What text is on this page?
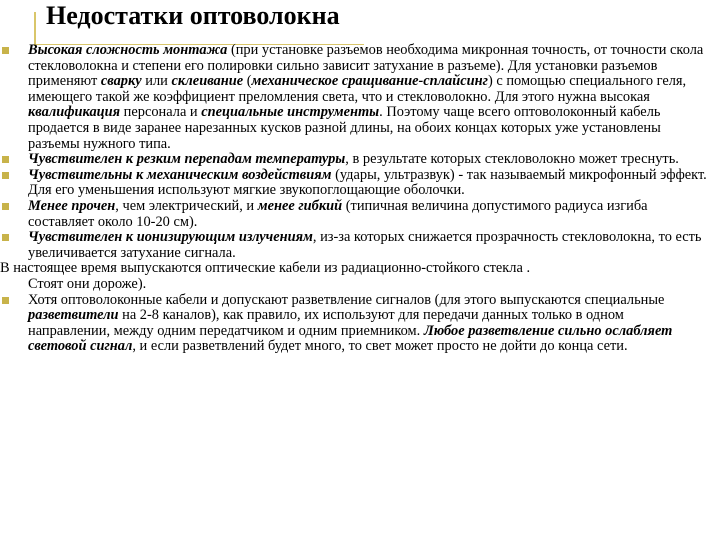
Недостатки оптоволокна
Высокая сложность монтажа (при установке разъемов необходима микронная точность, от точности скола стекловолокна и степени его полировки сильно зависит затухание в разъеме). Для установки разъемов применяют сварку или склеивание (механическое сращивание-сплайсинг) с помощью специального геля, имеющего такой же коэффициент преломления света, что и стекловолокно. Для этого нужна высокая квалификация персонала и специальные инструменты. Поэтому чаще всего оптоволоконный кабель продается в виде заранее нарезанных кусков разной длины, на обоих концах которых уже установлены разъемы нужного типа.
Чувствителен к резким перепадам температуры, в результате которых стекловолокно может треснуть.
Чувствительны к механическим воздействиям (удары, ультразвук) - так называемый микрофонный эффект. Для его уменьшения используют мягкие звукопоглощающие оболочки.
Менее прочен, чем электрический, и менее гибкий (типичная величина допустимого радиуса изгиба составляет около 10-20 см).
Чувствителен к ионизирующим излучениям, из-за которых снижается прозрачность стекловолокна, то есть увеличивается затухание сигнала.
В настоящее время выпускаются оптические кабели из радиационно-стойкого стекла .
Стоят они дороже).
Хотя оптоволоконные кабели и допускают разветвление сигналов (для этого выпускаются специальные разветвители на 2-8 каналов), как правило, их используют для передачи данных только в одном направлении, между одним передатчиком и одним приемником. Любое разветвление сильно ослабляет световой сигнал, и если разветвлений будет много, то свет может просто не дойти до конца сети.
